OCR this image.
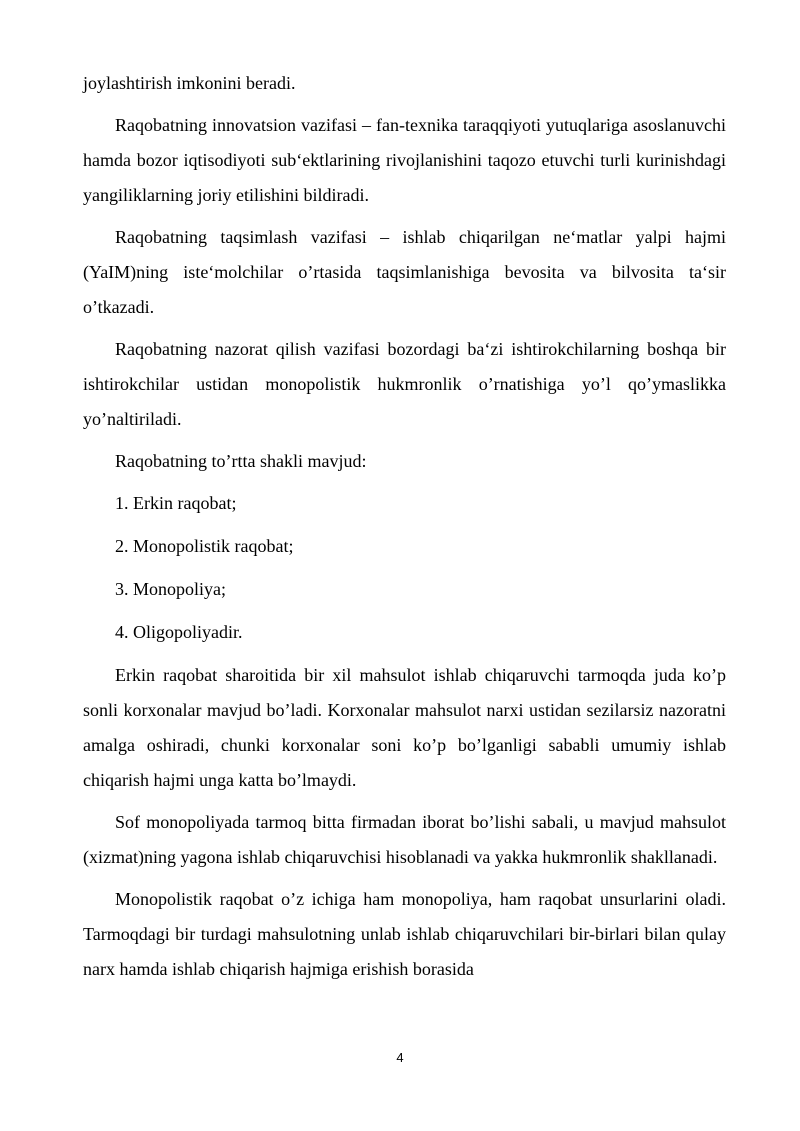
joylashtirish imkonini beradi.

Raqobatning innovatsion vazifasi – fan-texnika taraqqiyoti yutuqlariga asoslanuvchi hamda bozor iqtisodiyoti sub‘ektlarining rivojlanishini taqozo etuvchi turli kurinishdagi yangiliklarning joriy etilishini bildiradi.

Raqobatning taqsimlash vazifasi – ishlab chiqarilgan ne‘matlar yalpi hajmi (YaIM)ning iste‘molchilar o’rtasida taqsimlanishiga bevosita va bilvosita ta‘sir o’tkazadi.

Raqobatning nazorat qilish vazifasi bozordagi ba‘zi ishtirokchilarning boshqa bir ishtirokchilar ustidan monopolistik hukmronlik o’rnatishiga yo’l qo’ymaslikka yo’naltiriladi.

Raqobatning to’rtta shakli mavjud:

1. Erkin raqobat;

2. Monopolistik raqobat;

3. Monopoliya;

4. Oligopoliyadir.

Erkin raqobat sharoitida bir xil mahsulot ishlab chiqaruvchi tarmoqda juda ko’p sonli korxonalar mavjud bo’ladi. Korxonalar mahsulot narxi ustidan sezilarsiz nazoratni amalga oshiradi, chunki korxonalar soni ko’p bo’lganligi sababli umumiy ishlab chiqarish hajmi unga katta bo’lmaydi.

Sof monopoliyada tarmoq bitta firmadan iborat bo’lishi sabali, u mavjud mahsulot (xizmat)ning yagona ishlab chiqaruvchisi hisoblanadi va yakka hukmronlik shakllanadi.

Monopolistik raqobat o’z ichiga ham monopoliya, ham raqobat unsurlarini oladi. Tarmoqdagi bir turdagi mahsulotning unlab ishlab chiqaruvchilari bir-birlari bilan qulay narx hamda ishlab chiqarish hajmiga erishish borasida

4
